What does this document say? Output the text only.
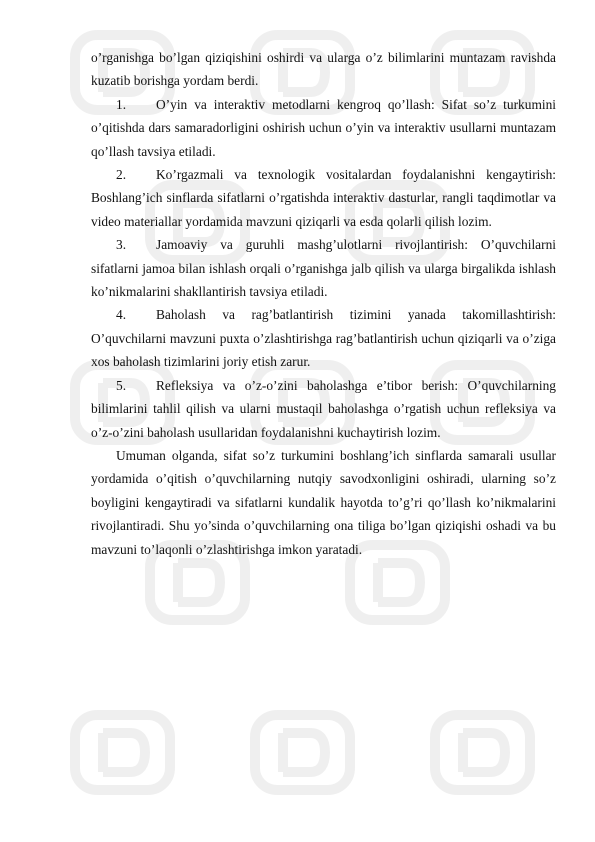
o’rganishga bo’lgan qiziqishini oshirdi va ularga o’z bilimlarini muntazam ravishda kuzatib borishga yordam berdi.

1. O’yin va interaktiv metodlarni kengroq qo’llash: Sifat so’z turkumini o’qitishda dars samaradorligini oshirish uchun o’yin va interaktiv usullarni muntazam qo’llash tavsiya etiladi.

2. Ko’rgazmali va texnologik vositalardan foydalanishni kengaytirish: Boshlang’ich sinflarda sifatlarni o’rgatishda interaktiv dasturlar, rangli taqdimotlar va video materiallar yordamida mavzuni qiziqarli va esda qolarli qilish lozim.

3. Jamoaviy va guruhli mashg’ulotlarni rivojlantirish: O’quvchilarni sifatlarni jamoa bilan ishlash orqali o’rganishga jalb qilish va ularga birgalikda ishlash ko’nikmalarini shakllantirish tavsiya etiladi.

4. Baholash va rag’batlantirish tizimini yanada takomillashtirish: O’quvchilarni mavzuni puxta o’zlashtirishga rag’batlantirish uchun qiziqarli va o’ziga xos baholash tizimlarini joriy etish zarur.

5. Refleksiya va o’z-o’zini baholashga e’tibor berish: O’quvchilarning bilimlarini tahlil qilish va ularni mustaqil baholashga o’rgatish uchun refleksiya va o’z-o’zini baholash usullaridan foydalanishni kuchaytirish lozim.

Umuman olganda, sifat so’z turkumini boshlang’ich sinflarda samarali usullar yordamida o’qitish o’quvchilarning nutqiy savodxonligini oshiradi, ularning so’z boyligini kengaytiradi va sifatlarni kundalik hayotda to’g’ri qo’llash ko’nikmalarini rivojlantiradi. Shu yo’sinda o’quvchilarning ona tiliga bo’lgan qiziqishi oshadi va bu mavzuni to’laqonli o’zlashtirishga imkon yaratadi.
